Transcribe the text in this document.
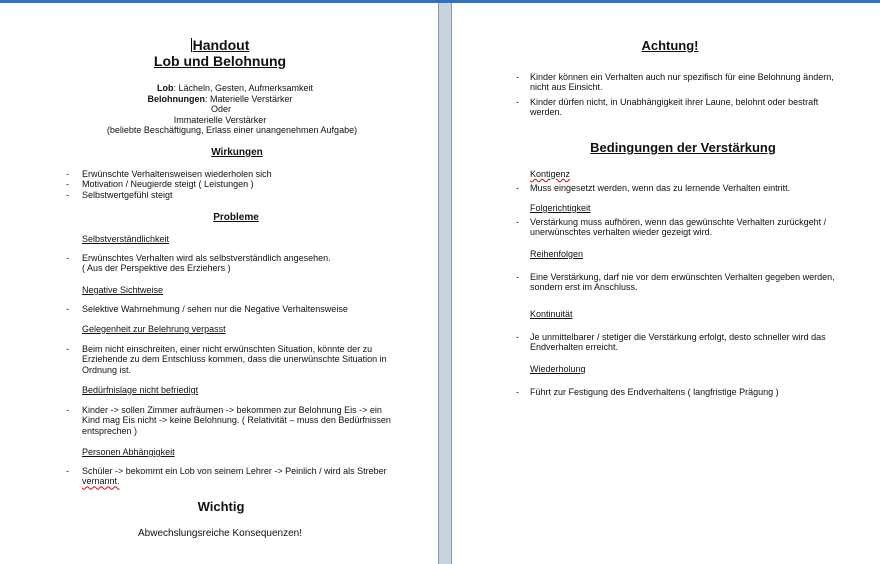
Handout
Lob und Belohnung
Lob: Lächeln, Gesten, Aufmerksamkeit
Belohnungen: Materielle Verstärker
Oder
Immaterielle Verstärker
(beliebte Beschäftigung, Erlass einer unangenehmen Aufgabe)
Wirkungen
- Erwünschte Verhaltensweisen wiederholen sich
- Motivation / Neugierde steigt ( Leistungen )
- Selbstwertgefühl steigt
Probleme
Selbstverständlichkeit
- Erwünschtes Verhalten wird als selbstverständlich angesehen.
( Aus der Perspektive des Erziehers )
Negative Sichtweise
- Selektive Wahrnehmung / sehen nur die Negative Verhaltensweise
Gelegenheit zur Belehrung verpasst
- Beim nicht einschreiten, einer nicht erwünschten Situation, könnte der zu
Erziehende zu dem Entschluss kommen, dass die unerwünschte Situation in
Ordnung ist.
Bedürfnislage nicht befriedigt
- Kinder -> sollen Zimmer aufräumen -> bekommen zur Belohnung Eis -> ein
Kind mag Eis nicht -> keine Belohnung. ( Relativität – muss den Bedürfnissen
entsprechen )
Personen Abhängigkeit
- Schüler -> bekommt ein Lob von seinem Lehrer -> Peinlich / wird als Streber
vernannt.
Wichtig
Abwechslungsreiche Konsequenzen!
Achtung!
- Kinder können ein Verhalten auch nur spezifisch für eine Belohnung ändern,
nicht aus Einsicht.
- Kinder dürfen nicht, in Unabhängigkeit ihrer Laune, belohnt oder bestraft
werden.
Bedingungen der Verstärkung
Kontigenz
- Muss eingesetzt werden, wenn das zu lernende Verhalten eintritt.
Folgerichtigkeit
- Verstärkung muss aufhören, wenn das gewünschte Verhalten zurückgeht /
unerwünschtes verhalten wieder gezeigt wird.
Reihenfolgen
- Eine Verstärkung, darf nie vor dem erwünschten Verhalten gegeben werden,
sondern erst im Anschluss.
Kontinuität
- Je unmittelbarer / stetiger die Verstärkung erfolgt, desto schneller wird das
Endverhalten erreicht.
Wiederholung
- Führt zur Festigung des Endverhaltens ( langfristige Prägung )
